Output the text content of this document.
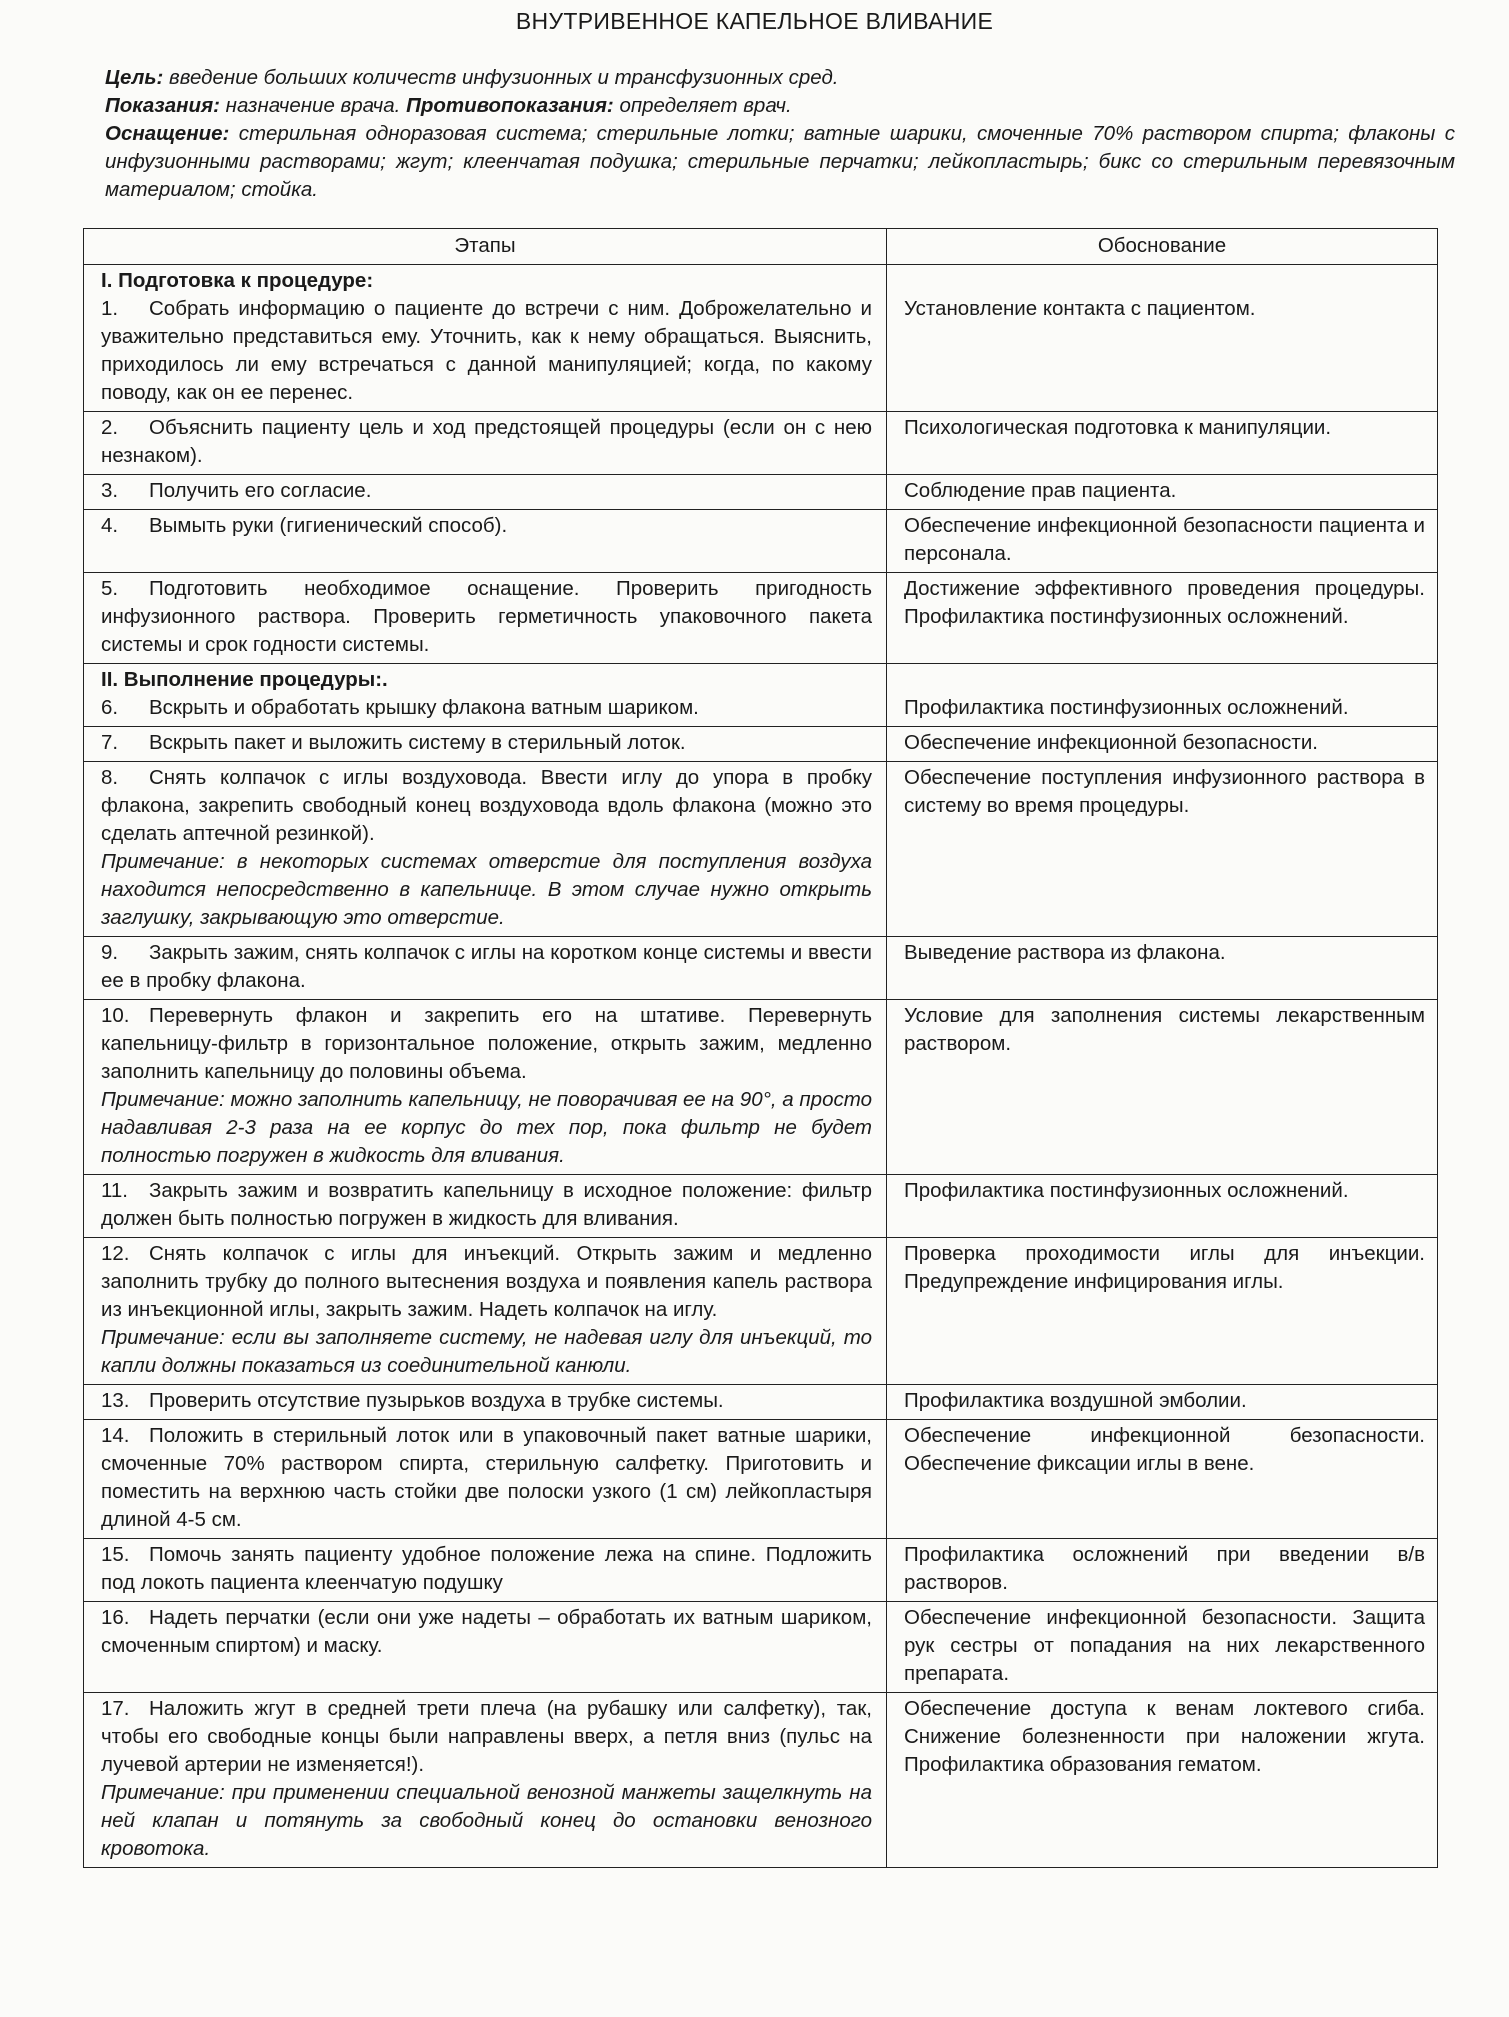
ВНУТРИВЕННОЕ КАПЕЛЬНОЕ ВЛИВАНИЕ

Цель: введение больших количеств инфузионных и трансфузионных сред.

Показания: назначение врача. Противопоказания: определяет врач.

Оснащение: стерильная одноразовая система; стерильные лотки; ватные шарики, смоченные 70% раствором спирта; флаконы с инфузионными растворами; жгут; клеенчатая подушка; стерильные перчатки; лейкопластырь; бикс со стерильным перевязочным материалом; стойка.

Этапы	Обоснование

I. Подготовка к процедуре:
1. Собрать информацию о пациенте до встречи с ним. Доброжелательно и уважительно представиться ему. Уточнить, как к нему обращаться. Выяснить, приходилось ли ему встречаться с данной манипуляцией; когда, по какому поводу, как он ее перенес.	Установление контакта с пациентом.

2. Объяснить пациенту цель и ход предстоящей процедуры (если он с нею незнаком).	Психологическая подготовка к манипуляции.

3. Получить его согласие.	Соблюдение прав пациента.

4. Вымыть руки (гигиенический способ).	Обеспечение инфекционной безопасности пациента и персонала.

5. Подготовить необходимое оснащение. Проверить пригодность инфузионного раствора. Проверить герметичность упаковочного пакета системы и срок годности системы.	Достижение эффективного проведения процедуры. Профилактика постинфузионных осложнений.

II. Выполнение процедуры:.
6. Вскрыть и обработать крышку флакона ватным шариком.	Профилактика постинфузионных осложнений.

7. Вскрыть пакет и выложить систему в стерильный лоток.	Обеспечение инфекционной безопасности.

8. Снять колпачок с иглы воздуховода. Ввести иглу до упора в пробку флакона, закрепить свободный конец воздуховода вдоль флакона (можно это сделать аптечной резинкой).
Примечание: в некоторых системах отверстие для поступления воздуха находится непосредственно в капельнице. В этом случае нужно открыть заглушку, закрывающую это отверстие.	Обеспечение поступления инфузионного раствора в систему во время процедуры.

9. Закрыть зажим, снять колпачок с иглы на коротком конце системы и ввести ее в пробку флакона.	Выведение раствора из флакона.

10. Перевернуть флакон и закрепить его на штативе. Перевернуть капельницу-фильтр в горизонтальное положение, открыть зажим, медленно заполнить капельницу до половины объема.
Примечание: можно заполнить капельницу, не поворачивая ее на 90°, а просто надавливая 2-3 раза на ее корпус до тех пор, пока фильтр не будет полностью погружен в жидкость для вливания.	Условие для заполнения системы лекарственным раствором.

11. Закрыть зажим и возвратить капельницу в исходное положение: фильтр должен быть полностью погружен в жидкость для вливания.	Профилактика постинфузионных осложнений.

12. Снять колпачок с иглы для инъекций. Открыть зажим и медленно заполнить трубку до полного вытеснения воздуха и появления капель раствора из инъекционной иглы, закрыть зажим. Надеть колпачок на иглу.
Примечание: если вы заполняете систему, не надевая иглу для инъекций, то капли должны показаться из соединительной канюли.	Проверка проходимости иглы для инъекции. Предупреждение инфицирования иглы.

13. Проверить отсутствие пузырьков воздуха в трубке системы.	Профилактика воздушной эмболии.

14. Положить в стерильный лоток или в упаковочный пакет ватные шарики, смоченные 70% раствором спирта, стерильную салфетку. Приготовить и поместить на верхнюю часть стойки две полоски узкого (1 см) лейкопластыря длиной 4-5 см.	Обеспечение инфекционной безопасности. Обеспечение фиксации иглы в вене.

15. Помочь занять пациенту удобное положение лежа на спине. Подложить под локоть пациента клеенчатую подушку	Профилактика осложнений при введении в/в растворов.

16. Надеть перчатки (если они уже надеты – обработать их ватным шариком, смоченным спиртом) и маску.	Обеспечение инфекционной безопасности. Защита рук сестры от попадания на них лекарственного препарата.

17. Наложить жгут в средней трети плеча (на рубашку или салфетку), так, чтобы его свободные концы были направлены вверх, а петля вниз (пульс на лучевой артерии не изменяется!).
Примечание: при применении специальной венозной манжеты защелкнуть на ней клапан и потянуть за свободный конец до остановки венозного кровотока.	Обеспечение доступа к венам локтевого сгиба. Снижение болезненности при наложении жгута. Профилактика образования гематом.
